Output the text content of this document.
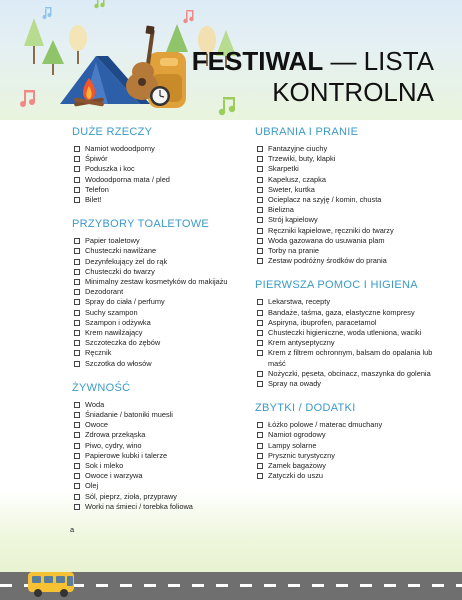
FESTIWAL — LISTA KONTROLNA
DUŻE RZECZY
Namiot wodoodporny
Śpiwór
Poduszka i koc
Wodoodporna mata / pled
Telefon
Bilet!
PRZYBORY TOALETOWE
Papier toaletowy
Chusteczki nawilżane
Dezynfekujący żel do rąk
Chusteczki do twarzy
Minimalny zestaw kosmetyków do makijażu
Dezodorant
Spray do ciała / perfumy
Suchy szampon
Szampon i odżywka
Krem nawilżający
Szczoteczka do zębów
Ręcznik
Szczotka do włosów
ŻYWNOŚĆ
Woda
Śniadanie / batoniki muesli
Owoce
Zdrowa przekąska
Piwo, cydry, wino
Papierowe kubki i talerze
Sok i mleko
Owoce i warzywa
Olej
Sól, pieprz, zioła, przyprawy
Worki na śmieci / torebka foliowa
a
UBRANIA I PRANIE
Fantazyjne ciuchy
Trzewiki, buty, klapki
Skarpetki
Kapelusz, czapka
Sweter, kurtka
Ocieplacz na szyję / komin, chusta
Bielizna
Strój kąpielowy
Ręczniki kąpielowe, ręczniki do twarzy
Woda gazowana do usuwania plam
Torby na pranie
Zestaw podróżny środków do prania
PIERWSZA POMOC I HIGIENA
Lekarstwa, recepty
Bandaże, taśma, gaza, elastyczne kompresy
Aspiryna, ibuprofen, paracetamol
Chusteczki higieniczne, woda utleniona, waciki
Krem antyseptyczny
Krem z filtrem ochronnym, balsam do opalania lub maść
Nożyczki, pęseta, obcinacz, maszynka do golenia
Spray na owady
ZBYTKI / DODATKI
Łóżko polowe / materac dmuchany
Namiot ogrodowy
Lampy solarne
Prysznic turystyczny
Zamek bagażowy
Zatyczki do uszu
